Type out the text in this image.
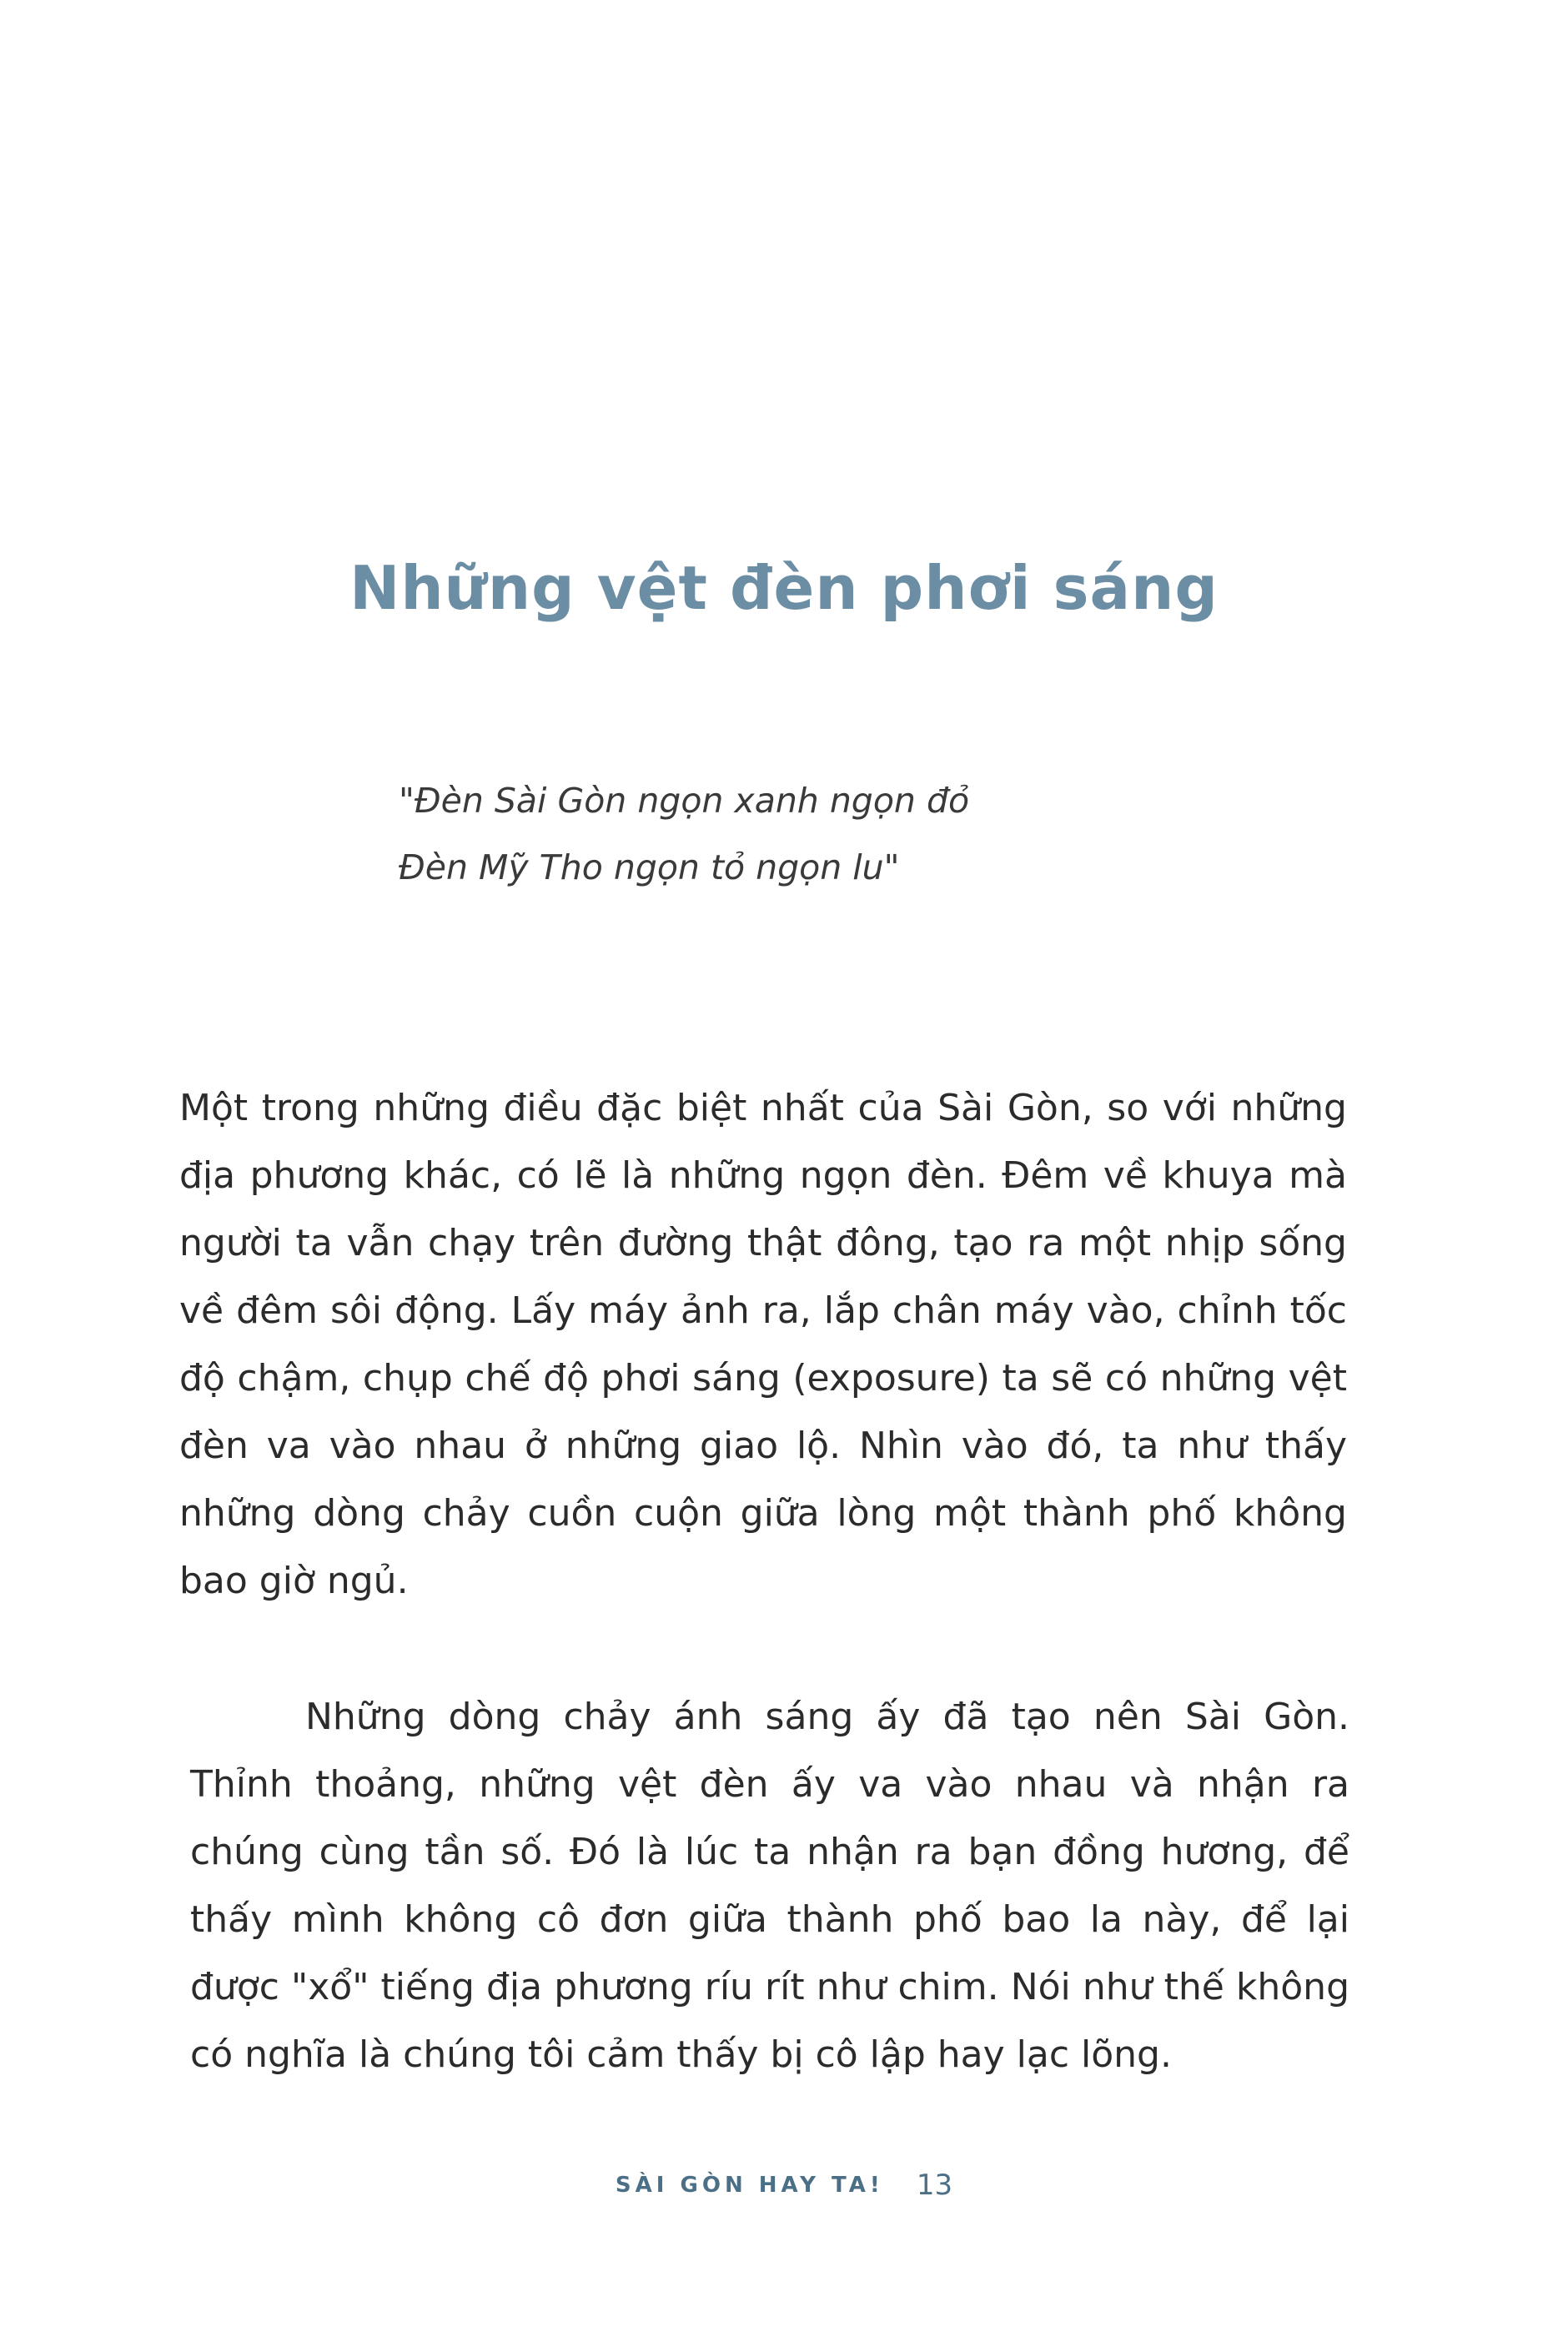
Những vệt đèn phơi sáng
"Đèn Sài Gòn ngọn xanh ngọn đỏ
Đèn Mỹ Tho ngọn tỏ ngọn lu"

Một trong những điều đặc biệt nhất của Sài Gòn, so với những địa phương khác, có lẽ là những ngọn đèn. Đêm về khuya mà người ta vẫn chạy trên đường thật đông, tạo ra một nhịp sống về đêm sôi động. Lấy máy ảnh ra, lắp chân máy vào, chỉnh tốc độ chậm, chụp chế độ phơi sáng (exposure) ta sẽ có những vệt đèn va vào nhau ở những giao lộ. Nhìn vào đó, ta như thấy những dòng chảy cuồn cuộn giữa lòng một thành phố không bao giờ ngủ.

Những dòng chảy ánh sáng ấy đã tạo nên Sài Gòn. Thỉnh thoảng, những vệt đèn ấy va vào nhau và nhận ra chúng cùng tần số. Đó là lúc ta nhận ra bạn đồng hương, để thấy mình không cô đơn giữa thành phố bao la này, để lại được "xổ" tiếng địa phương ríu rít như chim. Nói như thế không có nghĩa là chúng tôi cảm thấy bị cô lập hay lạc lõng.

SÀI GÒN HAY TA! 13
